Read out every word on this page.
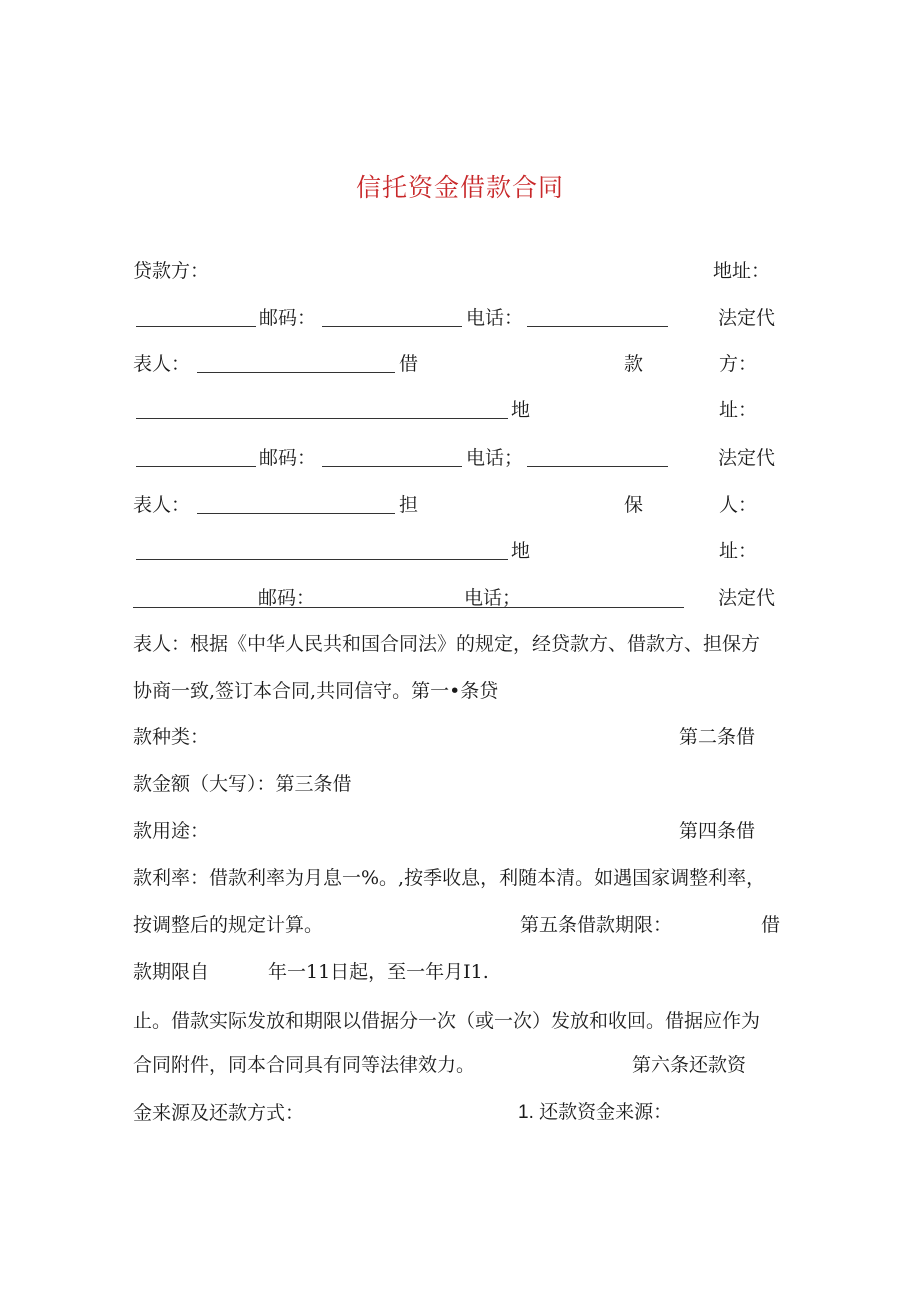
信托资金借款合同
贷款方：	地址：
邮码：	电话：	法定代
表人：	借	款	方：
地	址：
邮码：	电话；	法定代
表人：	担	保	人：
地	址：
邮码：	电话；	法定代
表人：根据《中华人民共和国合同法》的规定，经贷款方、借款方、担保方
协商一致,签订本合同,共同信守。第一•条贷
款种类：	第二条借
款金额（大写）：第三条借
款用途：	第四条借
款利率：借款利率为月息一%。,按季收息，利随本清。如遇国家调整利率，
按调整后的规定计算。	第五条借款期限：	借
款期限自	年一11日起，至一年月I1.
止。借款实际发放和期限以借据分一次（或一次）发放和收回。借据应作为
合同附件，同本合同具有同等法律效力。	第六条还款资
金来源及还款方式：	1. 还款资金来源：
